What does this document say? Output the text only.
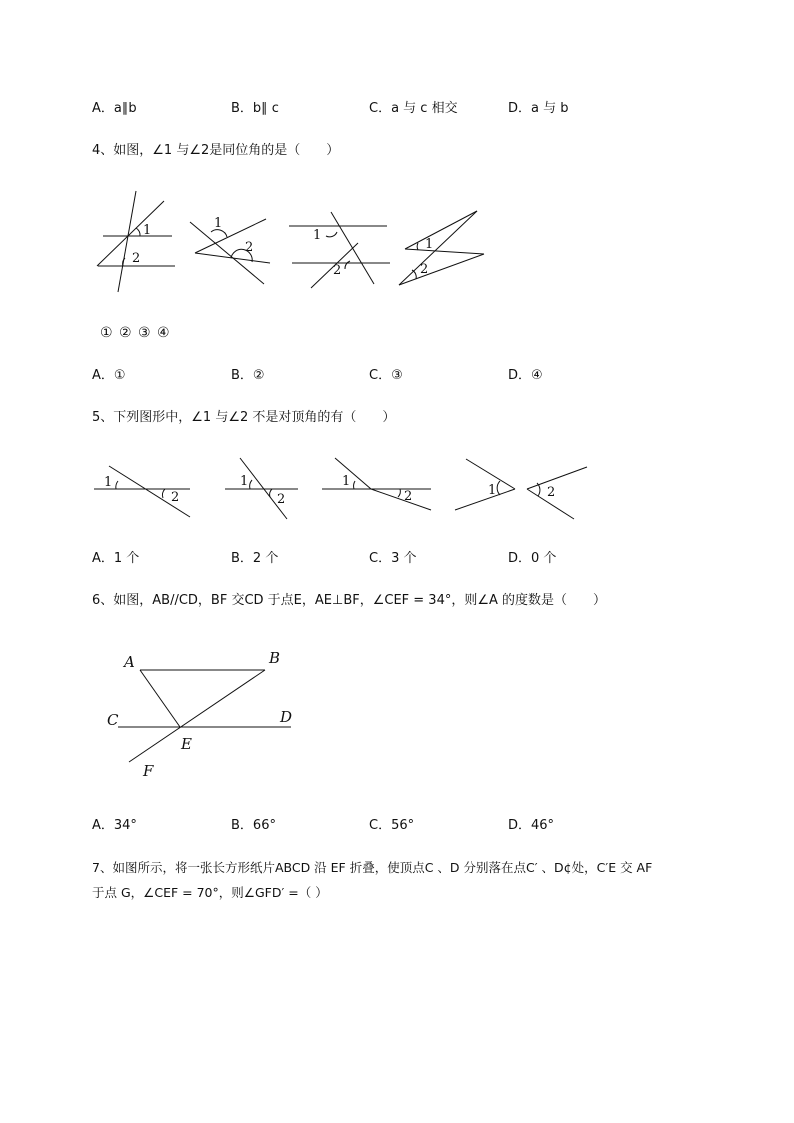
A．a∥b	B．b∥ c	C．a 与 c 相交	D．a 与 b
4、如图，∠1 与∠2是同位角的是（　　）
1
2
1
2
1
2
1
2
① ② ③ ④
A．①	B．②	C．③	D．④
5、下列图形中，∠1 与∠2 不是对顶角的有（　　）
1
2
1
2
1
2	1	2
A．1 个	B．2 个	C．3 个	D．0 个
6、如图，AB//CD，BF 交CD 于点E，AE⊥BF，∠CEF = 34°，则∠A 的度数是（　　）
A	B
C	D
E
F
A．34°	B．66°	C．56°	D．46°
7、如图所示，将一张长方形纸片ABCD 沿 EF 折叠，使顶点C 、D 分别落在点C′ 、D¢处，C′E 交 AF
于点 G，∠CEF = 70°，则∠GFD′ =（ ）
